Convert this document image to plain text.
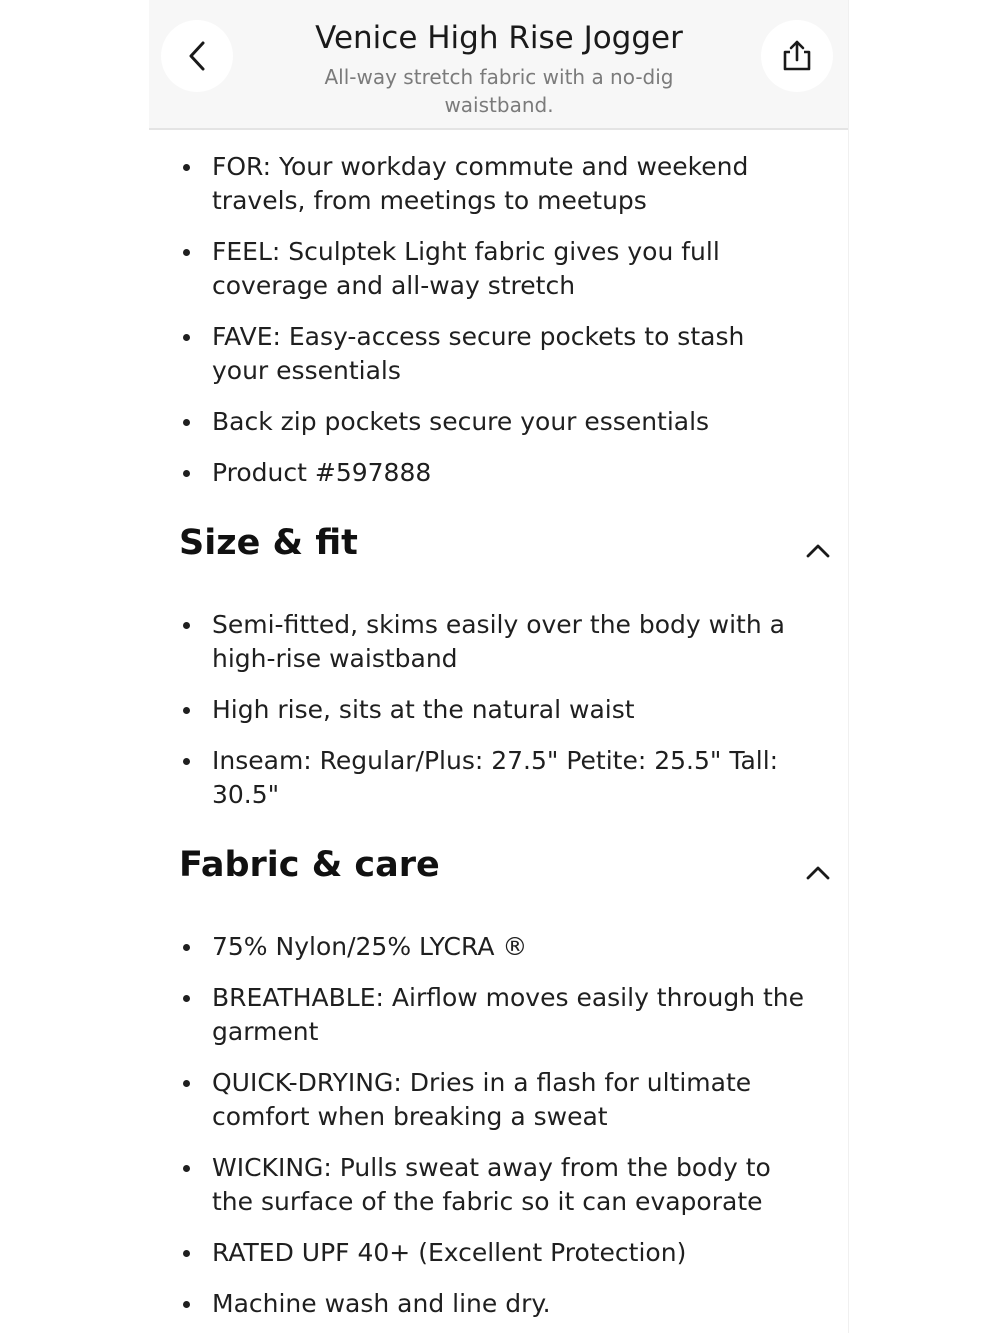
Venice High Rise Jogger
All-way stretch fabric with a no-dig waistband.
FOR: Your workday commute and weekend travels, from meetings to meetups
FEEL: Sculptek Light fabric gives you full coverage and all-way stretch
FAVE: Easy-access secure pockets to stash your essentials
Back zip pockets secure your essentials
Product #597888
Size & fit
Semi-fitted, skims easily over the body with a high-rise waistband
High rise, sits at the natural waist
Inseam: Regular/Plus: 27.5" Petite: 25.5" Tall: 30.5"
Fabric & care
75% Nylon/25% LYCRA ®
BREATHABLE: Airflow moves easily through the garment
QUICK-DRYING: Dries in a flash for ultimate comfort when breaking a sweat
WICKING: Pulls sweat away from the body to the surface of the fabric so it can evaporate
RATED UPF 40+ (Excellent Protection)
Machine wash and line dry.
